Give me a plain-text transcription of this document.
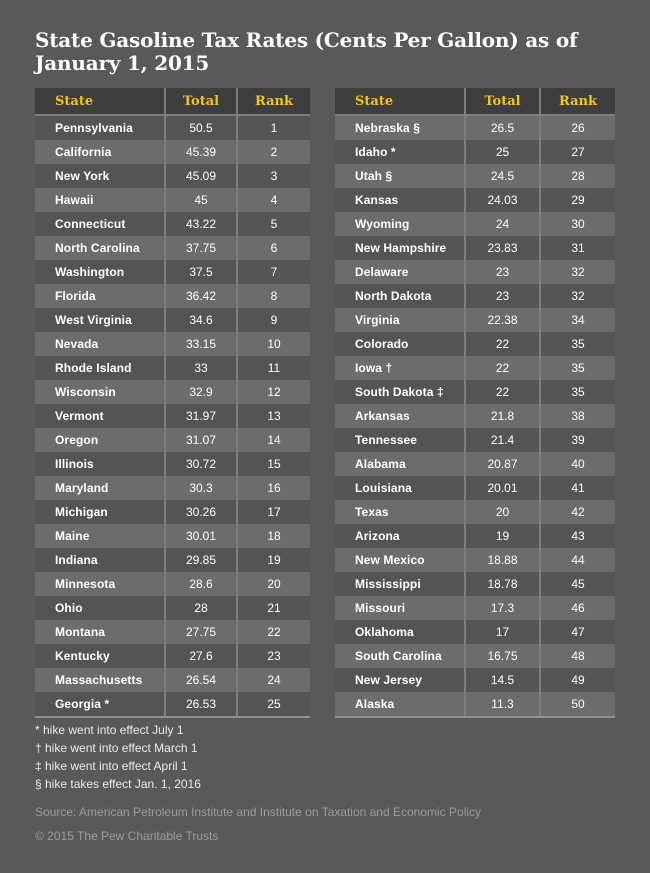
State Gasoline Tax Rates (Cents Per Gallon) as of
January 1, 2015
State	Total	Rank
Pennsylvania	50.5	1
California	45.39	2
New York	45.09	3
Hawaii	45	4
Connecticut	43.22	5
North Carolina	37.75	6
Washington	37.5	7
Florida	36.42	8
West Virginia	34.6	9
Nevada	33.15	10
Rhode Island	33	11
Wisconsin	32.9	12
Vermont	31.97	13
Oregon	31.07	14
Illinois	30.72	15
Maryland	30.3	16
Michigan	30.26	17
Maine	30.01	18
Indiana	29.85	19
Minnesota	28.6	20
Ohio	28	21
Montana	27.75	22
Kentucky	27.6	23
Massachusetts	26.54	24
Georgia *	26.53	25
State	Total	Rank
Nebraska §	26.5	26
Idaho *	25	27
Utah §	24.5	28
Kansas	24.03	29
Wyoming	24	30
New Hampshire	23.83	31
Delaware	23	32
North Dakota	23	32
Virginia	22.38	34
Colorado	22	35
Iowa †	22	35
South Dakota ‡	22	35
Arkansas	21.8	38
Tennessee	21.4	39
Alabama	20.87	40
Louisiana	20.01	41
Texas	20	42
Arizona	19	43
New Mexico	18.88	44
Mississippi	18.78	45
Missouri	17.3	46
Oklahoma	17	47
South Carolina	16.75	48
New Jersey	14.5	49
Alaska	11.3	50
* hike went into effect July 1
† hike went into effect March 1
‡ hike went into effect April 1
§ hike takes effect Jan. 1, 2016
Source: American Petroleum Institute and Institute on Taxation and Economic Policy
© 2015 The Pew Charitable Trusts
